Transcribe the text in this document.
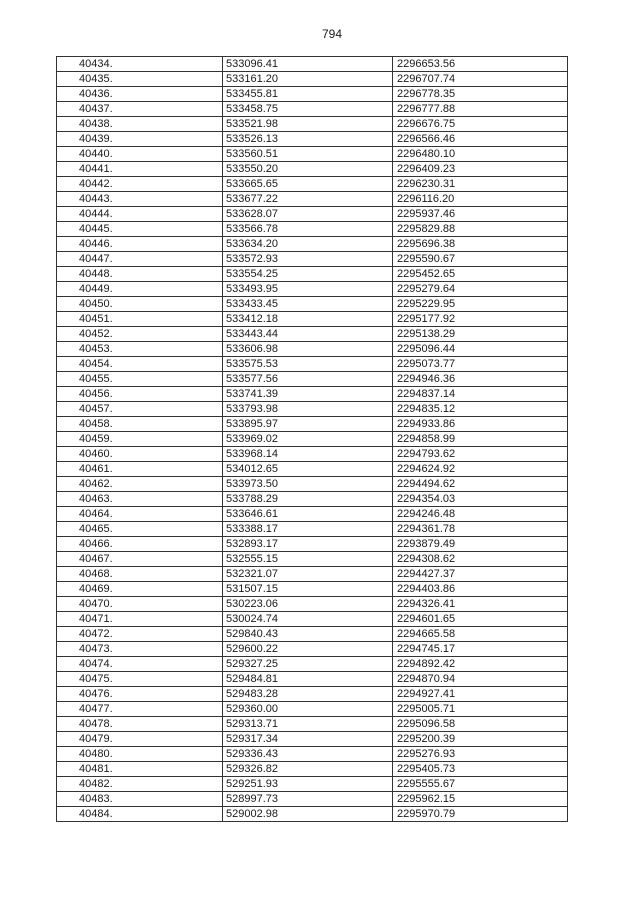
794
40434.	533096.41	2296653.56
40435.	533161.20	2296707.74
40436.	533455.81	2296778.35
40437.	533458.75	2296777.88
40438.	533521.98	2296676.75
40439.	533526.13	2296566.46
40440.	533560.51	2296480.10
40441.	533550.20	2296409.23
40442.	533665.65	2296230.31
40443.	533677.22	2296116.20
40444.	533628.07	2295937.46
40445.	533566.78	2295829.88
40446.	533634.20	2295696.38
40447.	533572.93	2295590.67
40448.	533554.25	2295452.65
40449.	533493.95	2295279.64
40450.	533433.45	2295229.95
40451.	533412.18	2295177.92
40452.	533443.44	2295138.29
40453.	533606.98	2295096.44
40454.	533575.53	2295073.77
40455.	533577.56	2294946.36
40456.	533741.39	2294837.14
40457.	533793.98	2294835.12
40458.	533895.97	2294933.86
40459.	533969.02	2294858.99
40460.	533968.14	2294793.62
40461.	534012.65	2294624.92
40462.	533973.50	2294494.62
40463.	533788.29	2294354.03
40464.	533646.61	2294246.48
40465.	533388.17	2294361.78
40466.	532893.17	2293879.49
40467.	532555.15	2294308.62
40468.	532321.07	2294427.37
40469.	531507.15	2294403.86
40470.	530223.06	2294326.41
40471.	530024.74	2294601.65
40472.	529840.43	2294665.58
40473.	529600.22	2294745.17
40474.	529327.25	2294892.42
40475.	529484.81	2294870.94
40476.	529483.28	2294927.41
40477.	529360.00	2295005.71
40478.	529313.71	2295096.58
40479.	529317.34	2295200.39
40480.	529336.43	2295276.93
40481.	529326.82	2295405.73
40482.	529251.93	2295555.67
40483.	528997.73	2295962.15
40484.	529002.98	2295970.79
